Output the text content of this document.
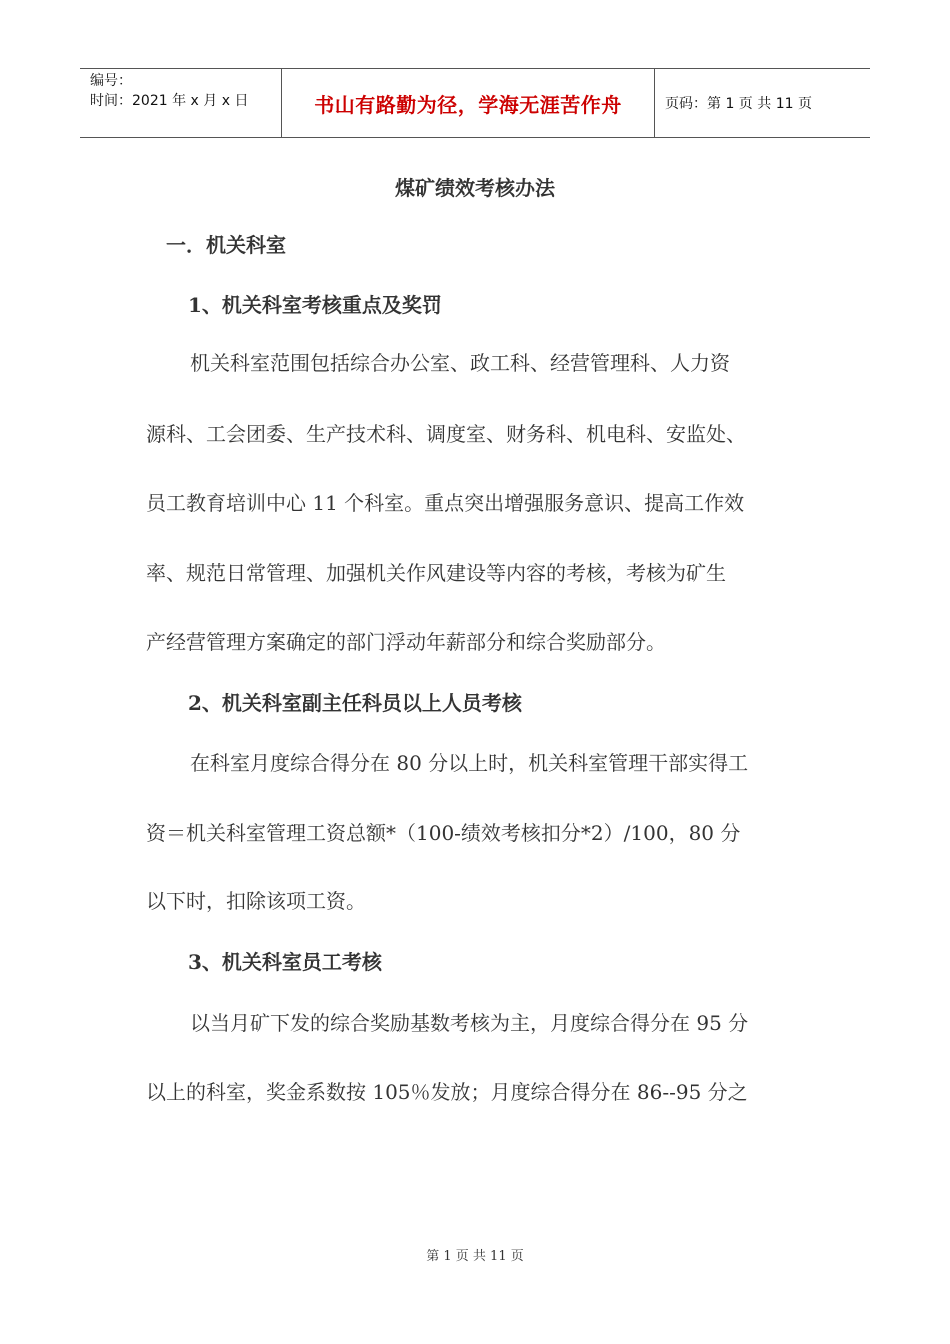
编号：
时间：2021 年 x 月 x 日	书山有路勤为径，学海无涯苦作舟	页码：第 1 页 共 11 页
煤矿绩效考核办法

一．机关科室

1、机关科室考核重点及奖罚

机关科室范围包括综合办公室、政工科、经营管理科、人力资

源科、工会团委、生产技术科、调度室、财务科、机电科、安监处、

员工教育培训中心 11 个科室。重点突出增强服务意识、提高工作效

率、规范日常管理、加强机关作风建设等内容的考核，考核为矿生

产经营管理方案确定的部门浮动年薪部分和综合奖励部分。

2、机关科室副主任科员以上人员考核

在科室月度综合得分在 80 分以上时，机关科室管理干部实得工

资＝机关科室管理工资总额*（100-绩效考核扣分*2）/100，80 分

以下时，扣除该项工资。

3、机关科室员工考核

以当月矿下发的综合奖励基数考核为主，月度综合得分在 95 分

以上的科室，奖金系数按 105％发放；月度综合得分在 86--95 分之

第 1 页 共 11 页
